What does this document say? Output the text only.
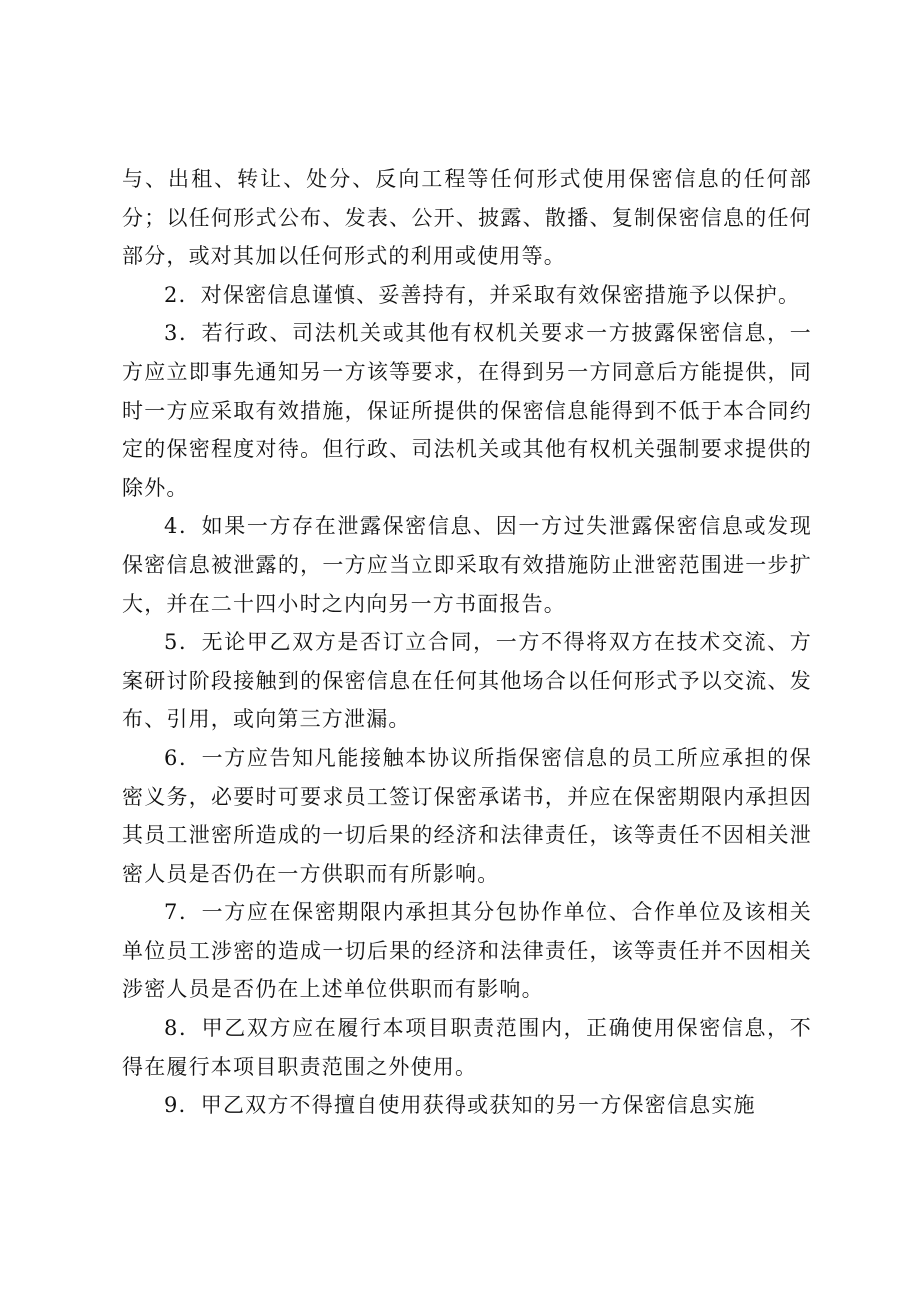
与、出租、转让、处分、反向工程等任何形式使用保密信息的任何部分；以任何形式公布、发表、公开、披露、散播、复制保密信息的任何部分，或对其加以任何形式的利用或使用等。

2．对保密信息谨慎、妥善持有，并采取有效保密措施予以保护。

3．若行政、司法机关或其他有权机关要求一方披露保密信息，一方应立即事先通知另一方该等要求，在得到另一方同意后方能提供，同时一方应采取有效措施，保证所提供的保密信息能得到不低于本合同约定的保密程度对待。但行政、司法机关或其他有权机关强制要求提供的除外。

4．如果一方存在泄露保密信息、因一方过失泄露保密信息或发现保密信息被泄露的，一方应当立即采取有效措施防止泄密范围进一步扩大，并在二十四小时之内向另一方书面报告。

5．无论甲乙双方是否订立合同，一方不得将双方在技术交流、方案研讨阶段接触到的保密信息在任何其他场合以任何形式予以交流、发布、引用，或向第三方泄漏。

6．一方应告知凡能接触本协议所指保密信息的员工所应承担的保密义务，必要时可要求员工签订保密承诺书，并应在保密期限内承担因其员工泄密所造成的一切后果的经济和法律责任，该等责任不因相关泄密人员是否仍在一方供职而有所影响。

7．一方应在保密期限内承担其分包协作单位、合作单位及该相关单位员工涉密的造成一切后果的经济和法律责任，该等责任并不因相关涉密人员是否仍在上述单位供职而有影响。

8．甲乙双方应在履行本项目职责范围内，正确使用保密信息，不得在履行本项目职责范围之外使用。

9．甲乙双方不得擅自使用获得或获知的另一方保密信息实施
